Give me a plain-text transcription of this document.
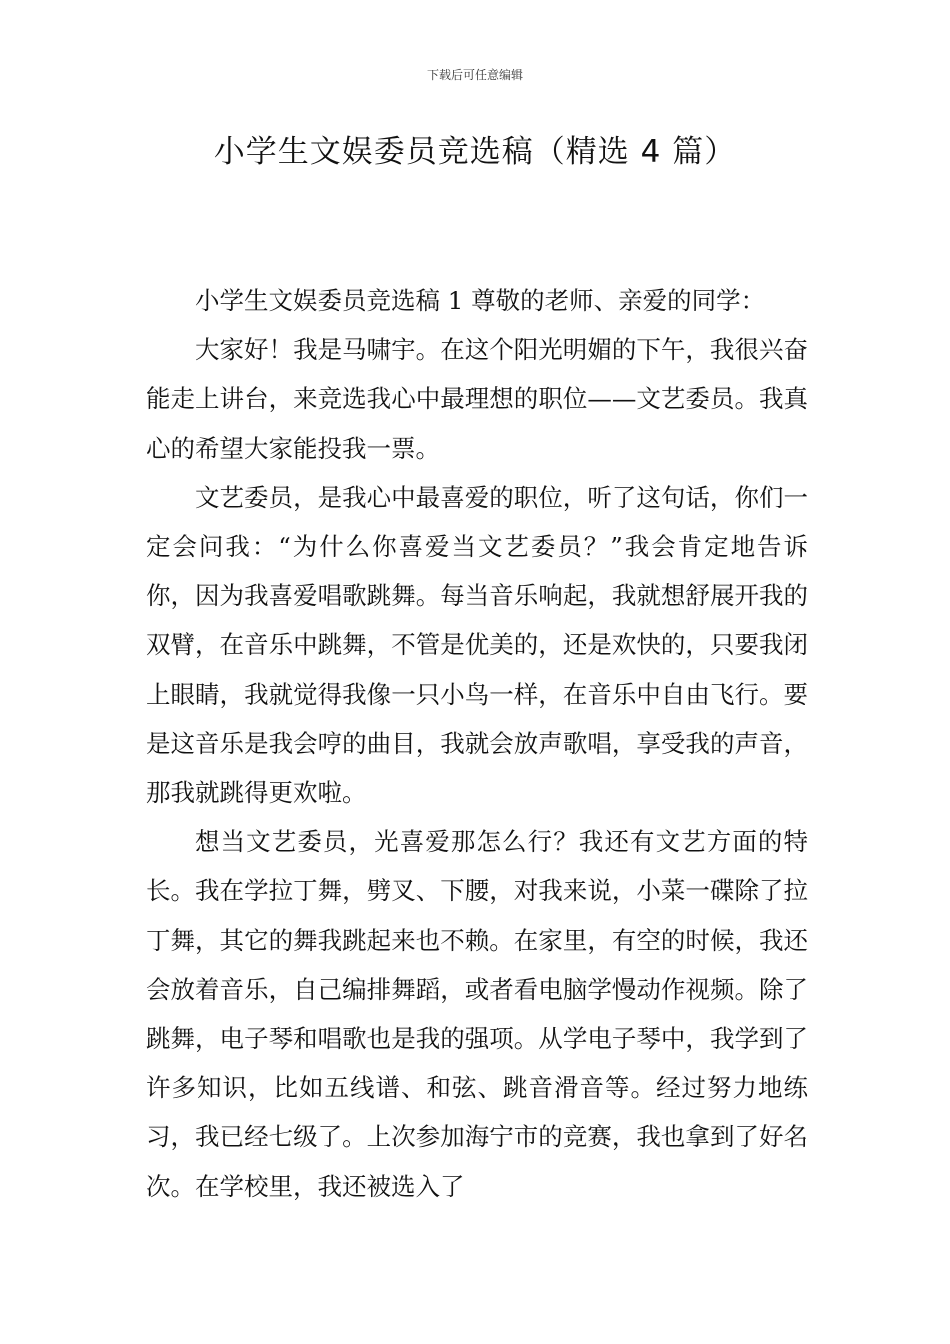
下载后可任意编辑
小学生文娱委员竞选稿（精选 4 篇）

小学生文娱委员竞选稿 1 尊敬的老师、亲爱的同学：

大家好！我是马啸宇。在这个阳光明媚的下午，我很兴奋能走上讲台，来竞选我心中最理想的职位——文艺委员。我真心的希望大家能投我一票。

文艺委员，是我心中最喜爱的职位，听了这句话，你们一定会问我：“为什么你喜爱当文艺委员？”我会肯定地告诉你，因为我喜爱唱歌跳舞。每当音乐响起，我就想舒展开我的双臂，在音乐中跳舞，不管是优美的，还是欢快的，只要我闭上眼睛，我就觉得我像一只小鸟一样，在音乐中自由飞行。要是这音乐是我会哼的曲目，我就会放声歌唱，享受我的声音，那我就跳得更欢啦。

想当文艺委员，光喜爱那怎么行？我还有文艺方面的特长。我在学拉丁舞，劈叉、下腰，对我来说，小菜一碟除了拉丁舞，其它的舞我跳起来也不赖。在家里，有空的时候，我还会放着音乐，自己编排舞蹈，或者看电脑学慢动作视频。除了跳舞，电子琴和唱歌也是我的强项。从学电子琴中，我学到了许多知识，比如五线谱、和弦、跳音滑音等。经过努力地练习，我已经七级了。上次参加海宁市的竞赛，我也拿到了好名次。在学校里，我还被选入了
